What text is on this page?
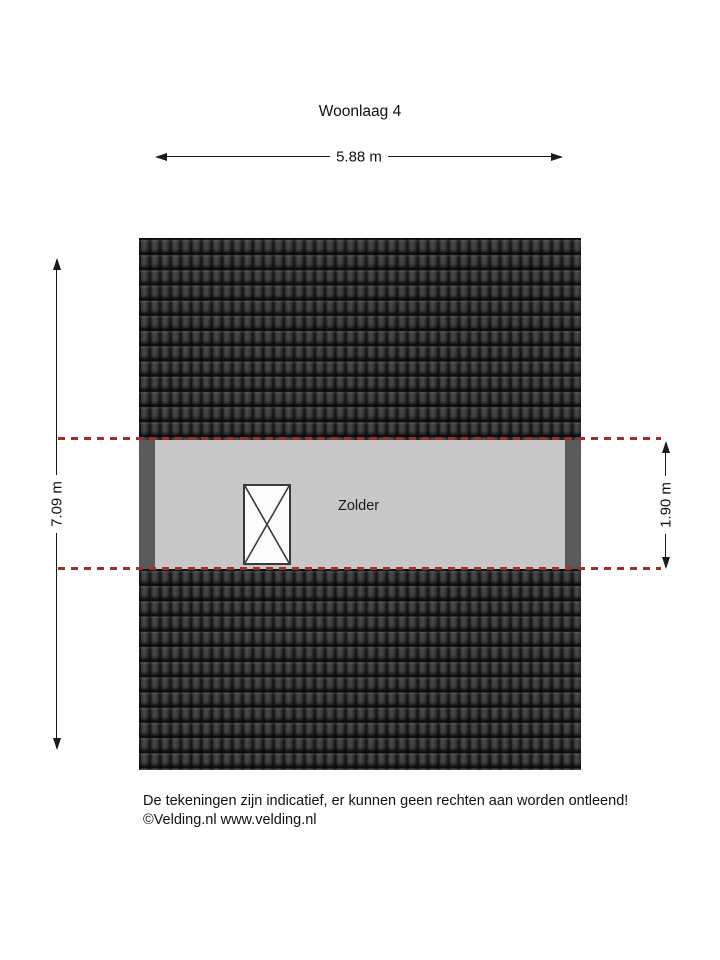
Woonlaag 4
5.88 m
Zolder
7.09 m	1.90 m
De tekeningen zijn indicatief, er kunnen geen rechten aan worden ontleend!
©Velding.nl www.velding.nl
